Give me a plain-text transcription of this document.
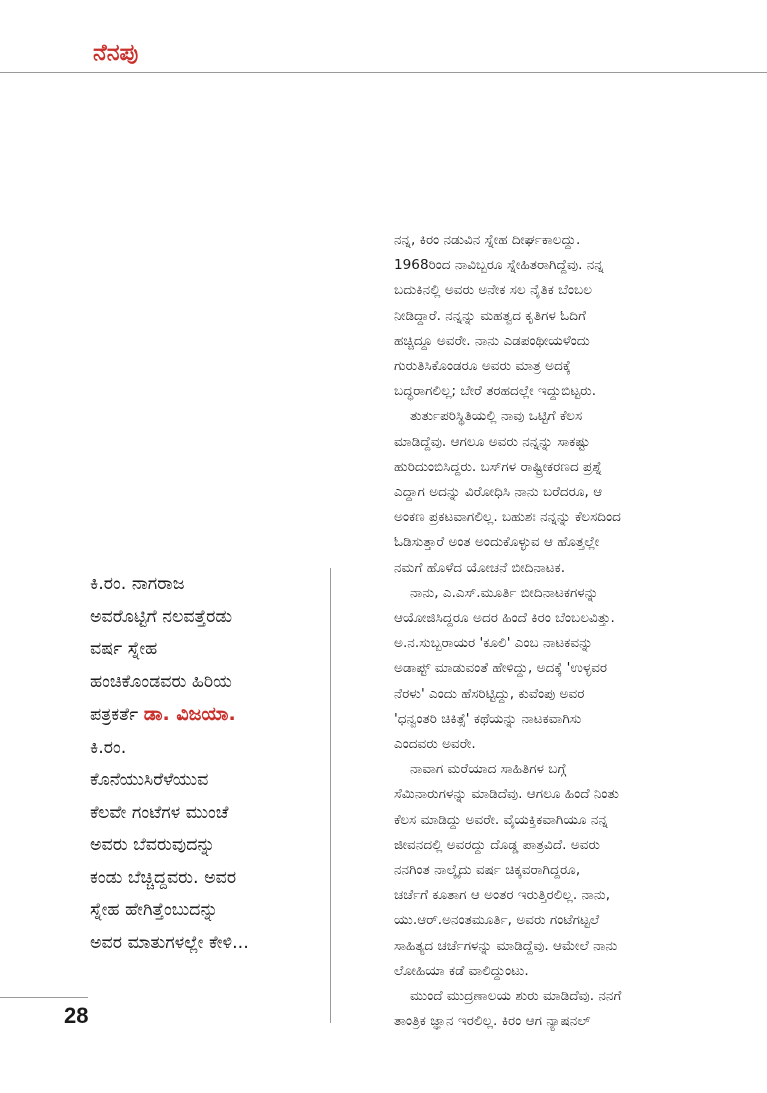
ನೆನಪು
ಕಿ.ರಂ. ನಾಗರಾಜ
ಅವರೊಟ್ಟಿಗೆ ನಲವತ್ತೆರಡು
ವರ್ಷ ಸ್ನೇಹ
ಹಂಚಿಕೊಂಡವರು ಹಿರಿಯ
ಪತ್ರಕರ್ತೆ ಡಾ. ವಿಜಯಾ.
ಕಿ.ರಂ.
ಕೊನೆಯುಸಿರೆಳೆಯುವ
ಕೆಲವೇ ಗಂಟೆಗಳ ಮುಂಚೆ
ಅವರು ಬೆವರುವುದನ್ನು
ಕಂಡು ಬೆಚ್ಚಿದ್ದವರು. ಅವರ
ಸ್ನೇಹ ಹೇಗಿತ್ತೆಂಬುದನ್ನು
ಅವರ ಮಾತುಗಳಲ್ಲೇ ಕೇಳಿ...
ನನ್ನ, ಕಿರಂ ನಡುವಿನ ಸ್ನೇಹ ದೀರ್ಘಕಾಲದ್ದು.
1968ರಿಂದ ನಾವಿಬ್ಬರೂ ಸ್ನೇಹಿತರಾಗಿದ್ದೆವು. ನನ್ನ
ಬದುಕಿನಲ್ಲಿ ಅವರು ಅನೇಕ ಸಲ ನೈತಿಕ ಬೆಂಬಲ
ನೀಡಿದ್ದಾರೆ. ನನ್ನನ್ನು ಮಹತ್ವದ ಕೃತಿಗಳ ಓದಿಗೆ
ಹಚ್ಚಿದ್ದೂ ಅವರೇ. ನಾನು ಎಡಪಂಥೀಯಳೆಂದು
ಗುರುತಿಸಿಕೊಂಡರೂ ಅವರು ಮಾತ್ರ ಅದಕ್ಕೆ
ಬದ್ಧರಾಗಲಿಲ್ಲ; ಬೇರೆ ತರಹದಲ್ಲೇ ಇದ್ದುಬಿಟ್ಟರು.
ತುರ್ತುಪರಿಸ್ಥಿತಿಯಲ್ಲಿ ನಾವು ಒಟ್ಟಿಗೆ ಕೆಲಸ
ಮಾಡಿದ್ದೆವು. ಆಗಲೂ ಅವರು ನನ್ನನ್ನು ಸಾಕಷ್ಟು
ಹುರಿದುಂಬಿಸಿದ್ದರು. ಬಸ್‌ಗಳ ರಾಷ್ಟ್ರೀಕರಣದ ಪ್ರಶ್ನೆ
ಎದ್ದಾಗ ಅದನ್ನು ವಿರೋಧಿಸಿ ನಾನು ಬರೆದರೂ, ಆ
ಅಂಕಣ ಪ್ರಕಟವಾಗಲಿಲ್ಲ. ಬಹುಶಃ ನನ್ನನ್ನು ಕೆಲಸದಿಂದ
ಓಡಿಸುತ್ತಾರೆ ಅಂತ ಅಂದುಕೊಳ್ಳುವ ಆ ಹೊತ್ತಲ್ಲೇ
ನಮಗೆ ಹೊಳೆದ ಯೋಚನೆ ಬೀದಿನಾಟಕ.
ನಾನು, ಎ.ಎಸ್.ಮೂರ್ತಿ ಬೀದಿನಾಟಕಗಳನ್ನು
ಆಯೋಜಿಸಿದ್ದರೂ ಅದರ ಹಿಂದೆ ಕಿರಂ ಬೆಂಬಲವಿತ್ತು.
ಅ.ನ.ಸುಬ್ಬರಾಯರ 'ಕೂಲಿ' ಎಂಬ ನಾಟಕವನ್ನು
ಅಡಾಪ್ಟ್ ಮಾಡುವಂತೆ ಹೇಳಿದ್ದು, ಅದಕ್ಕೆ 'ಉಳ್ಳವರ
ನೆರಳು' ಎಂದು ಹೆಸರಿಟ್ಟಿದ್ದು, ಕುವೆಂಪು ಅವರ
'ಧನ್ವಂತರಿ ಚಿಕಿತ್ಸೆ' ಕಥೆಯನ್ನು ನಾಟಕವಾಗಿಸು
ಎಂದವರು ಅವರೇ.
ನಾವಾಗ ಮರೆಯಾದ ಸಾಹಿತಿಗಳ ಬಗ್ಗೆ
ಸೆಮಿನಾರುಗಳನ್ನು ಮಾಡಿದೆವು. ಆಗಲೂ ಹಿಂದೆ ನಿಂತು
ಕೆಲಸ ಮಾಡಿದ್ದು ಅವರೇ. ವೈಯಕ್ತಿಕವಾಗಿಯೂ ನನ್ನ
ಜೀವನದಲ್ಲಿ ಅವರದ್ದು ದೊಡ್ಡ ಪಾತ್ರವಿದೆ. ಅವರು
ನನಗಿಂತ ನಾಲ್ಕೈದು ವರ್ಷ ಚಿಕ್ಕವರಾಗಿದ್ದರೂ,
ಚರ್ಚೆಗೆ ಕೂತಾಗ ಆ ಅಂತರ ಇರುತ್ತಿರಲಿಲ್ಲ. ನಾನು,
ಯು.ಆರ್.ಅನಂತಮೂರ್ತಿ, ಅವರು ಗಂಟೆಗಟ್ಟಲೆ
ಸಾಹಿತ್ಯದ ಚರ್ಚೆಗಳನ್ನು ಮಾಡಿದ್ದೆವು. ಆಮೇಲೆ ನಾನು
ಲೋಹಿಯಾ ಕಡೆ ವಾಲಿದ್ದುಂಟು.
ಮುಂದೆ ಮುದ್ರಣಾಲಯ ಶುರು ಮಾಡಿದೆವು. ನನಗೆ
ತಾಂತ್ರಿಕ ಜ್ಞಾನ ಇರಲಿಲ್ಲ. ಕಿರಂ ಆಗ ನ್ಯಾಷನಲ್
28
